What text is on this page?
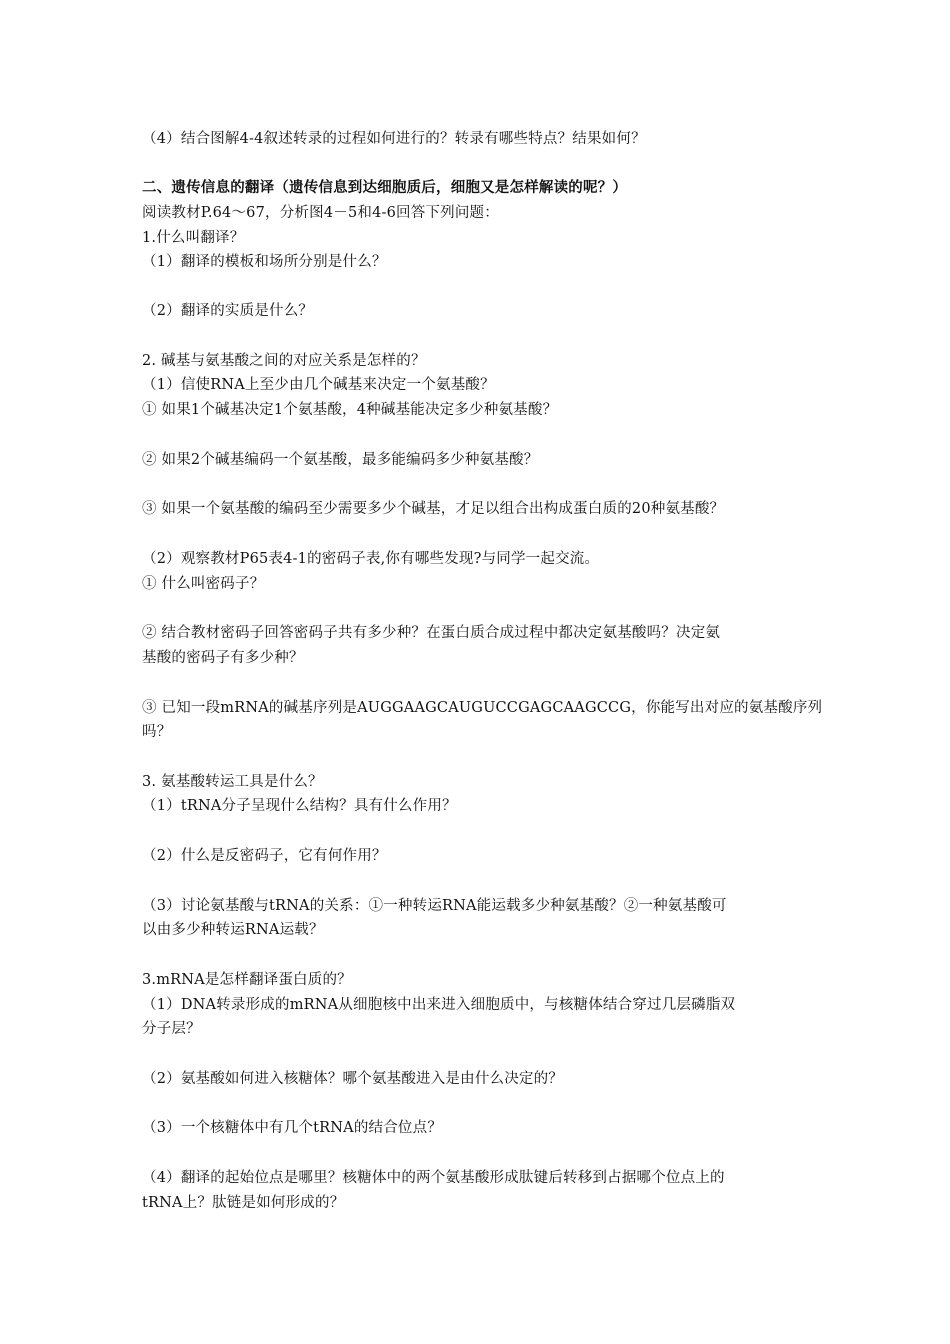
（4）结合图解4-4叙述转录的过程如何进行的？转录有哪些特点？结果如何？
二、遗传信息的翻译（遗传信息到达细胞质后，细胞又是怎样解读的呢？）
阅读教材P.64～67，分析图4－5和4-6回答下列问题：
1.什么叫翻译？
（1）翻译的模板和场所分别是什么？
（2）翻译的实质是什么？
2. 碱基与氨基酸之间的对应关系是怎样的？
（1）信使RNA上至少由几个碱基来决定一个氨基酸？
① 如果1个碱基决定1个氨基酸，4种碱基能决定多少种氨基酸？
② 如果2个碱基编码一个氨基酸，最多能编码多少种氨基酸？
③ 如果一个氨基酸的编码至少需要多少个碱基，才足以组合出构成蛋白质的20种氨基酸？
（2）观察教材P65表4-1的密码子表,你有哪些发现?与同学一起交流。
① 什么叫密码子？
② 结合教材密码子回答密码子共有多少种？在蛋白质合成过程中都决定氨基酸吗？决定氨
基酸的密码子有多少种？
③ 已知一段mRNA的碱基序列是AUGGAAGCAUGUCCGAGCAAGCCG，你能写出对应的氨基酸序列
吗？
3. 氨基酸转运工具是什么？
（1）tRNA分子呈现什么结构？具有什么作用？
（2）什么是反密码子，它有何作用？
（3）讨论氨基酸与tRNA的关系：①一种转运RNA能运载多少种氨基酸？②一种氨基酸可
以由多少种转运RNA运载？
3.mRNA是怎样翻译蛋白质的？
（1）DNA转录形成的mRNA从细胞核中出来进入细胞质中，与核糖体结合穿过几层磷脂双
分子层？
（2）氨基酸如何进入核糖体？哪个氨基酸进入是由什么决定的？
（3）一个核糖体中有几个tRNA的结合位点？
（4）翻译的起始位点是哪里？核糖体中的两个氨基酸形成肽键后转移到占据哪个位点上的
tRNA上？肽链是如何形成的？
